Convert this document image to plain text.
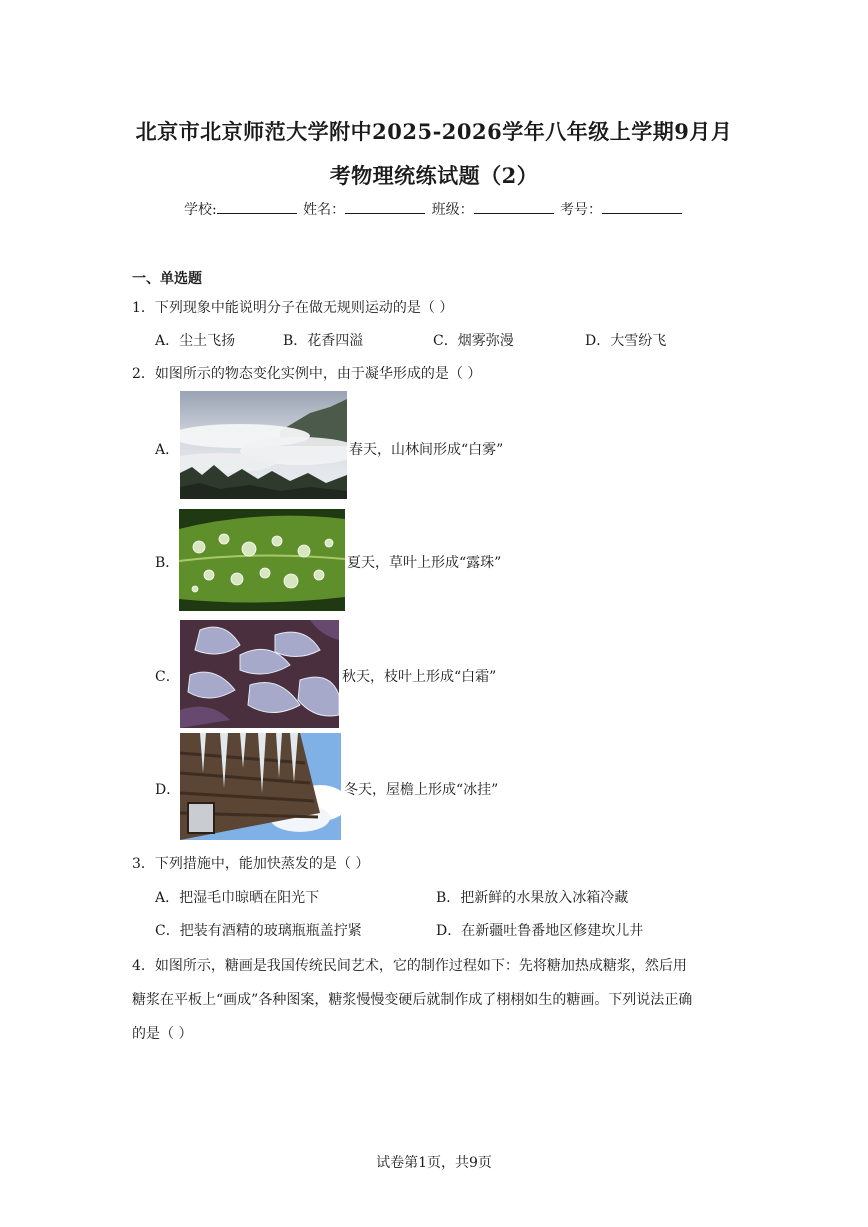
北京市北京师范大学附中2025-2026学年八年级上学期9月月
考物理统练试题（2）
学校:	姓名：	班级：	考号：
一、单选题
1．下列现象中能说明分子在做无规则运动的是（ ）
A．尘土飞扬	B．花香四溢	C．烟雾弥漫	D．大雪纷飞
2．如图所示的物态变化实例中，由于凝华形成的是（ ）
A．	春天，山林间形成“白雾”
B．	夏天，草叶上形成“露珠”
C．	秋天，枝叶上形成“白霜”
D．	冬天，屋檐上形成“冰挂”
3．下列措施中，能加快蒸发的是（ ）
A．把湿毛巾晾晒在阳光下	B．把新鲜的水果放入冰箱冷藏
C．把装有酒精的玻璃瓶瓶盖拧紧	D．在新疆吐鲁番地区修建坎儿井
4．如图所示，糖画是我国传统民间艺术，它的制作过程如下：先将糖加热成糖浆，然后用
糖浆在平板上“画成”各种图案，糖浆慢慢变硬后就制作成了栩栩如生的糖画。下列说法正确
的是（ ）
试卷第1页，共9页
